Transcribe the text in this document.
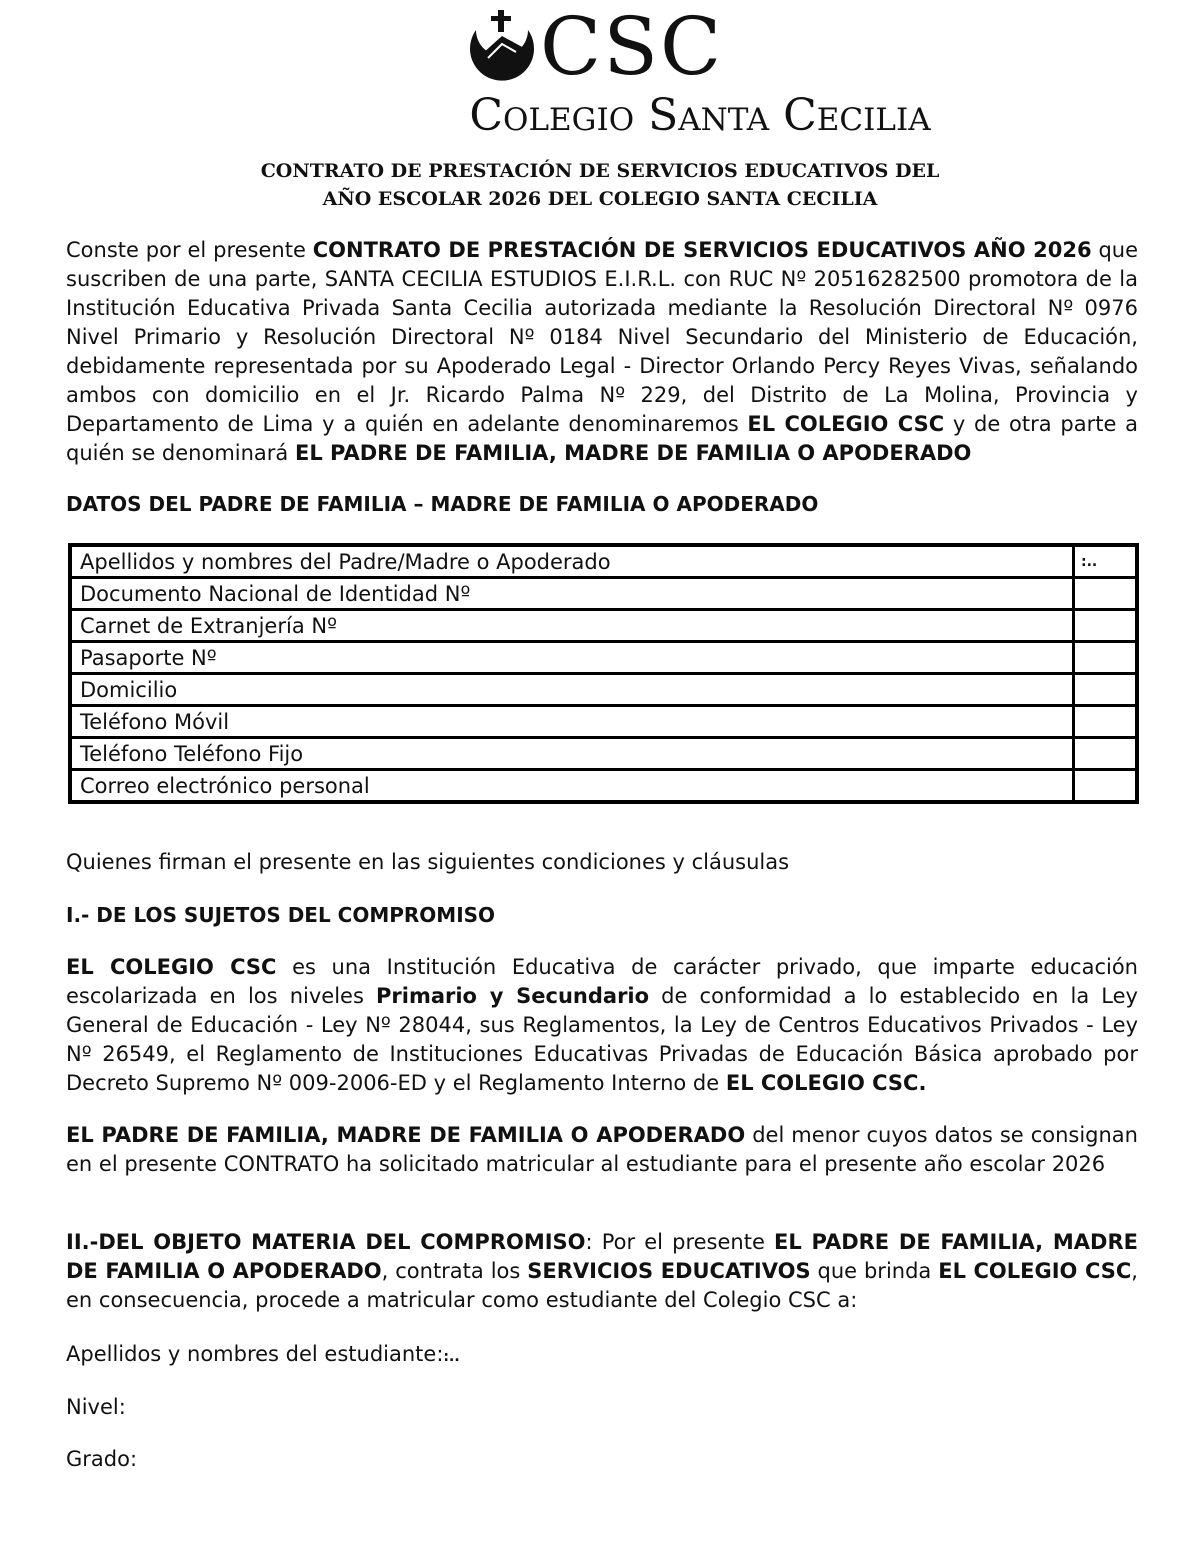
CSC
Colegio Santa Cecilia
CONTRATO DE PRESTACIÓN DE SERVICIOS EDUCATIVOS DEL
AÑO ESCOLAR 2026 DEL COLEGIO SANTA CECILIA
Conste por el presente CONTRATO DE PRESTACIÓN DE SERVICIOS EDUCATIVOS AÑO 2026 que suscriben de una parte, SANTA CECILIA ESTUDIOS E.I.R.L. con RUC Nº 20516282500 promotora de la Institución Educativa Privada Santa Cecilia autorizada mediante la Resolución Directoral Nº 0976 Nivel Primario y Resolución Directoral Nº 0184 Nivel Secundario del Ministerio de Educación, debidamente representada por su Apoderado Legal - Director Orlando Percy Reyes Vivas, señalando ambos con domicilio en el Jr. Ricardo Palma Nº 229, del Distrito de La Molina, Provincia y Departamento de Lima y a quién en adelante denominaremos EL COLEGIO CSC y de otra parte a quién se denominará EL PADRE DE FAMILIA, MADRE DE FAMILIA O APODERADO
DATOS DEL PADRE DE FAMILIA – MADRE DE FAMILIA O APODERADO
Apellidos y nombres del Padre/Madre o Apoderado	:..
Documento Nacional de Identidad Nº	
Carnet de Extranjería Nº	
Pasaporte Nº	
Domicilio	
Teléfono Móvil	
Teléfono Teléfono Fijo	
Correo electrónico personal	
Quienes firman el presente en las siguientes condiciones y cláusulas
I.- DE LOS SUJETOS DEL COMPROMISO
EL COLEGIO CSC es una Institución Educativa de carácter privado, que imparte educación escolarizada en los niveles Primario y Secundario de conformidad a lo establecido en la Ley General de Educación - Ley Nº 28044, sus Reglamentos, la Ley de Centros Educativos Privados - Ley Nº 26549, el Reglamento de Instituciones Educativas Privadas de Educación Básica aprobado por Decreto Supremo Nº 009-2006-ED y el Reglamento Interno de EL COLEGIO CSC.
EL PADRE DE FAMILIA, MADRE DE FAMILIA O APODERADO del menor cuyos datos se consignan en el presente CONTRATO ha solicitado matricular al estudiante para el presente año escolar 2026
II.-DEL OBJETO MATERIA DEL COMPROMISO: Por el presente EL PADRE DE FAMILIA, MADRE DE FAMILIA O APODERADO, contrata los SERVICIOS EDUCATIVOS que brinda EL COLEGIO CSC, en consecuencia, procede a matricular como estudiante del Colegio CSC a:
Apellidos y nombres del estudiante::..
Nivel:
Grado:
